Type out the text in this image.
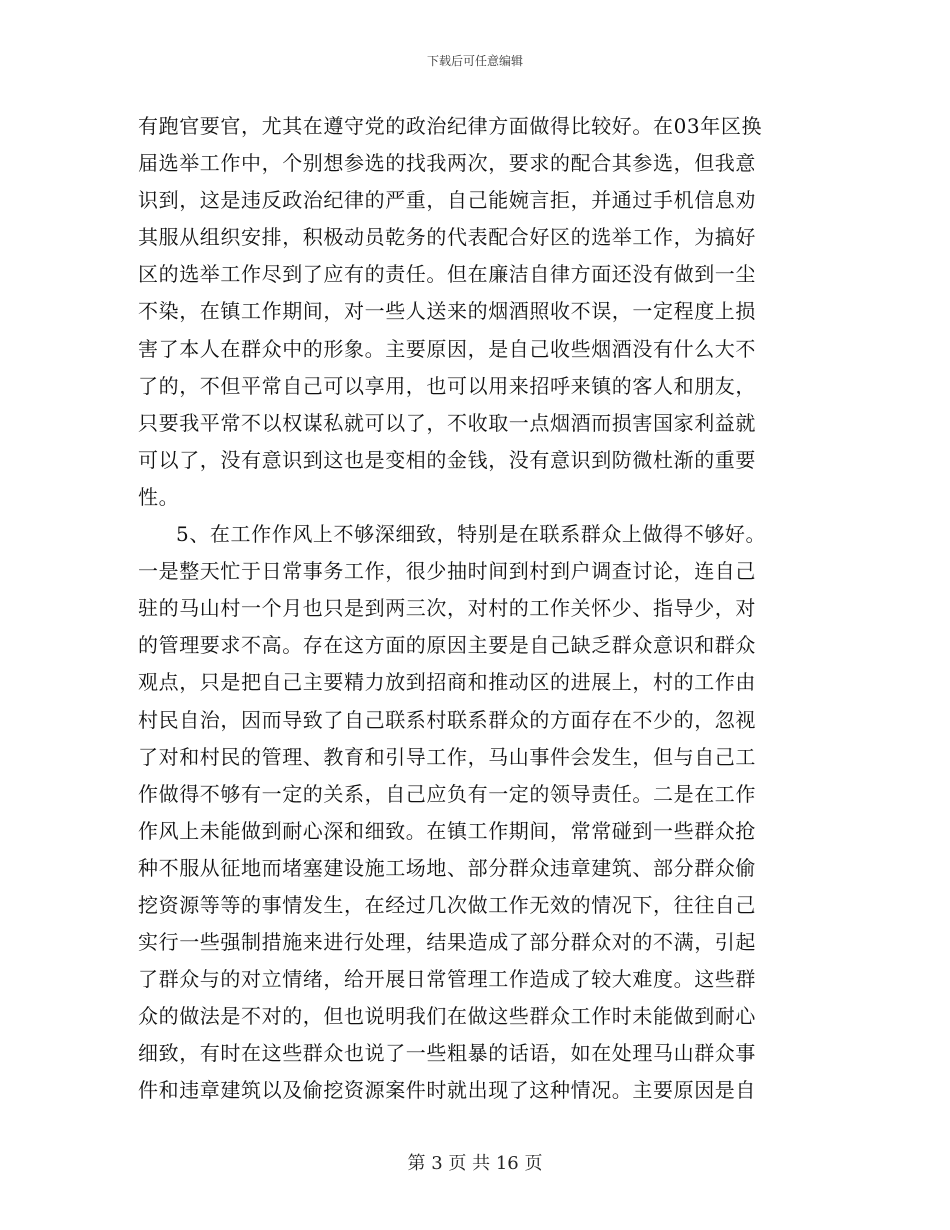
下载后可任意编辑
有跑官要官，尤其在遵守党的政治纪律方面做得比较好。在03年区换
届选举工作中，个别想参选的找我两次，要求的配合其参选，但我意
识到，这是违反政治纪律的严重，自己能婉言拒，并通过手机信息劝
其服从组织安排，积极动员乾务的代表配合好区的选举工作，为搞好
区的选举工作尽到了应有的责任。但在廉洁自律方面还没有做到一尘
不染，在镇工作期间，对一些人送来的烟酒照收不误，一定程度上损
害了本人在群众中的形象。主要原因，是自己收些烟酒没有什么大不
了的，不但平常自己可以享用，也可以用来招呼来镇的客人和朋友，
只要我平常不以权谋私就可以了，不收取一点烟酒而损害国家利益就
可以了，没有意识到这也是变相的金钱，没有意识到防微杜渐的重要
性。
5、在工作作风上不够深细致，特别是在联系群众上做得不够好。
一是整天忙于日常事务工作，很少抽时间到村到户调查讨论，连自己
驻的马山村一个月也只是到两三次，对村的工作关怀少、指导少，对
的管理要求不高。存在这方面的原因主要是自己缺乏群众意识和群众
观点，只是把自己主要精力放到招商和推动区的进展上，村的工作由
村民自治，因而导致了自己联系村联系群众的方面存在不少的，忽视
了对和村民的管理、教育和引导工作，马山事件会发生，但与自己工
作做得不够有一定的关系，自己应负有一定的领导责任。二是在工作
作风上未能做到耐心深和细致。在镇工作期间，常常碰到一些群众抢
种不服从征地而堵塞建设施工场地、部分群众违章建筑、部分群众偷
挖资源等等的事情发生，在经过几次做工作无效的情况下，往往自己
实行一些强制措施来进行处理，结果造成了部分群众对的不满，引起
了群众与的对立情绪，给开展日常管理工作造成了较大难度。这些群
众的做法是不对的，但也说明我们在做这些群众工作时未能做到耐心
细致，有时在这些群众也说了一些粗暴的话语，如在处理马山群众事
件和违章建筑以及偷挖资源案件时就出现了这种情况。主要原因是自
第 3 页 共 16 页
